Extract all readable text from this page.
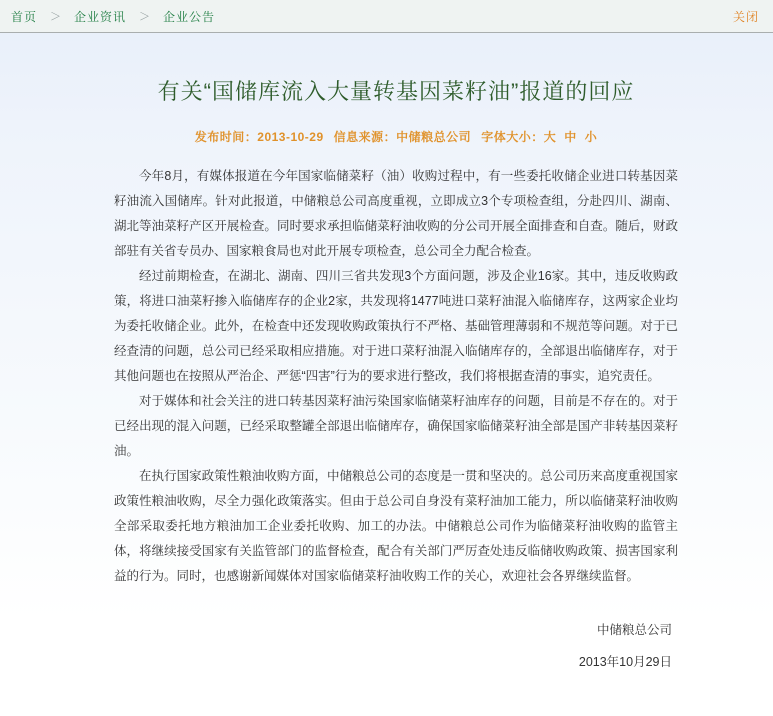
首页 ＞ 企业资讯 ＞ 企业公告	关闭
有关“国储库流入大量转基因菜籽油”报道的回应
发布时间：2013-10-29 信息来源：中储粮总公司 字体大小：大 中 小

今年8月，有媒体报道在今年国家临储菜籽（油）收购过程中，有一些委托收储企业进口转基因菜籽油流入国储库。针对此报道，中储粮总公司高度重视，立即成立3个专项检查组，分赴四川、湖南、湖北等油菜籽产区开展检查。同时要求承担临储菜籽油收购的分公司开展全面排查和自查。随后，财政部驻有关省专员办、国家粮食局也对此开展专项检查，总公司全力配合检查。

经过前期检查，在湖北、湖南、四川三省共发现3个方面问题，涉及企业16家。其中，违反收购政策，将进口油菜籽掺入临储库存的企业2家，共发现将1477吨进口菜籽油混入临储库存，这两家企业均为委托收储企业。此外，在检查中还发现收购政策执行不严格、基础管理薄弱和不规范等问题。对于已经查清的问题，总公司已经采取相应措施。对于进口菜籽油混入临储库存的，全部退出临储库存，对于其他问题也在按照从严治企、严惩“四害”行为的要求进行整改，我们将根据查清的事实，追究责任。

对于媒体和社会关注的进口转基因菜籽油污染国家临储菜籽油库存的问题，目前是不存在的。对于已经出现的混入问题，已经采取整罐全部退出临储库存，确保国家临储菜籽油全部是国产非转基因菜籽油。

在执行国家政策性粮油收购方面，中储粮总公司的态度是一贯和坚决的。总公司历来高度重视国家政策性粮油收购，尽全力强化政策落实。但由于总公司自身没有菜籽油加工能力，所以临储菜籽油收购全部采取委托地方粮油加工企业委托收购、加工的办法。中储粮总公司作为临储菜籽油收购的监管主体，将继续接受国家有关监管部门的监督检查，配合有关部门严厉查处违反临储收购政策、损害国家利益的行为。同时，也感谢新闻媒体对国家临储菜籽油收购工作的关心，欢迎社会各界继续监督。

中储粮总公司
2013年10月29日
